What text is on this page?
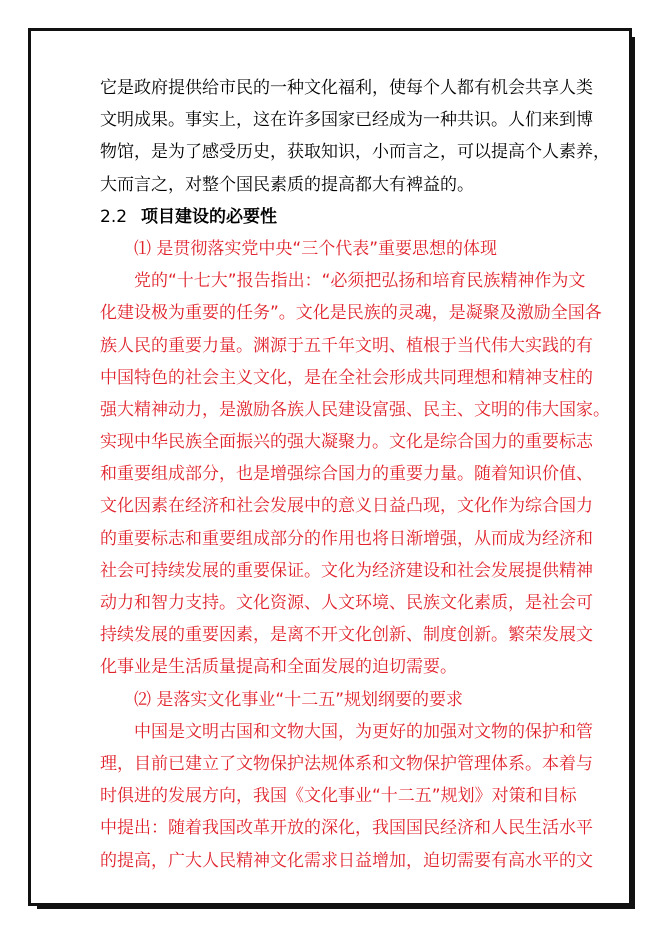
它是政府提供给市民的一种文化福利，使每个人都有机会共享人类
文明成果。事实上，这在许多国家已经成为一种共识。人们来到博
物馆，是为了感受历史，获取知识，小而言之，可以提高个人素养，
大而言之，对整个国民素质的提高都大有裨益的。
2.2 项目建设的必要性
⑴ 是贯彻落实党中央“三个代表”重要思想的体现
党的“十七大”报告指出：“必须把弘扬和培育民族精神作为文
化建设极为重要的任务”。文化是民族的灵魂，是凝聚及激励全国各
族人民的重要力量。渊源于五千年文明、植根于当代伟大实践的有
中国特色的社会主义文化，是在全社会形成共同理想和精神支柱的
强大精神动力，是激励各族人民建设富强、民主、文明的伟大国家。
实现中华民族全面振兴的强大凝聚力。文化是综合国力的重要标志
和重要组成部分，也是增强综合国力的重要力量。随着知识价值、
文化因素在经济和社会发展中的意义日益凸现，文化作为综合国力
的重要标志和重要组成部分的作用也将日渐增强，从而成为经济和
社会可持续发展的重要保证。文化为经济建设和社会发展提供精神
动力和智力支持。文化资源、人文环境、民族文化素质，是社会可
持续发展的重要因素，是离不开文化创新、制度创新。繁荣发展文
化事业是生活质量提高和全面发展的迫切需要。
⑵ 是落实文化事业“十二五”规划纲要的要求
中国是文明古国和文物大国，为更好的加强对文物的保护和管
理，目前已建立了文物保护法规体系和文物保护管理体系。本着与
时俱进的发展方向，我国《文化事业“十二五”规划》对策和目标
中提出：随着我国改革开放的深化，我国国民经济和人民生活水平
的提高，广大人民精神文化需求日益增加，迫切需要有高水平的文
